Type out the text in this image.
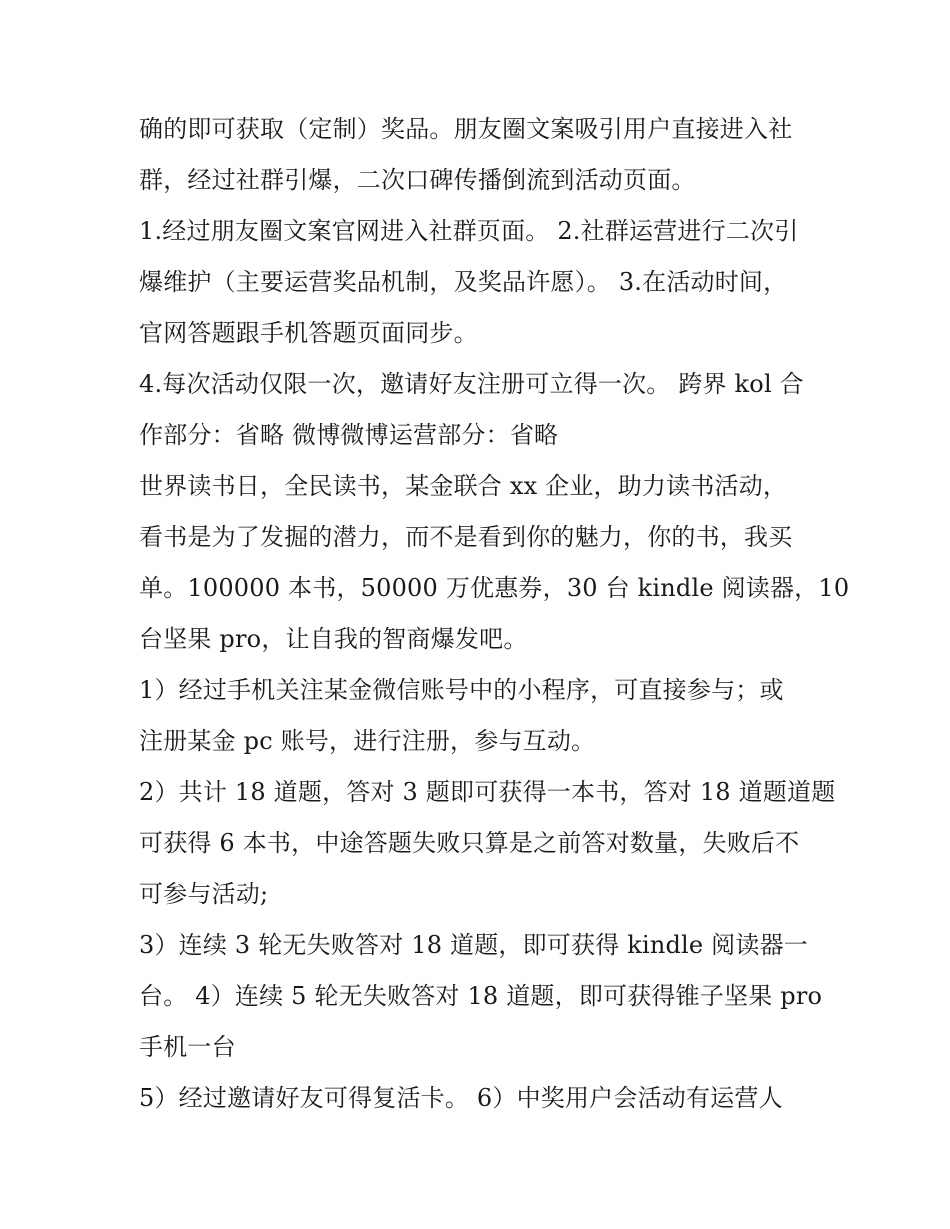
确的即可获取（定制）奖品。朋友圈文案吸引用户直接进入社
群，经过社群引爆，二次口碑传播倒流到活动页面。
1.经过朋友圈文案官网进入社群页面。 2.社群运营进行二次引
爆维护（主要运营奖品机制，及奖品许愿）。 3.在活动时间，
官网答题跟手机答题页面同步。
4.每次活动仅限一次，邀请好友注册可立得一次。 跨界 kol 合
作部分：省略 微博微博运营部分：省略
世界读书日，全民读书，某金联合 xx 企业，助力读书活动，
看书是为了发掘的潜力，而不是看到你的魅力，你的书，我买
单。100000 本书，50000 万优惠券，30 台 kindle 阅读器，10
台坚果 pro，让自我的智商爆发吧。
1）经过手机关注某金微信账号中的小程序，可直接参与；或
注册某金 pc 账号，进行注册，参与互动。
2）共计 18 道题，答对 3 题即可获得一本书，答对 18 道题道题
可获得 6 本书，中途答题失败只算是之前答对数量，失败后不
可参与活动;
3）连续 3 轮无失败答对 18 道题，即可获得 kindle 阅读器一
台。 4）连续 5 轮无失败答对 18 道题，即可获得锥子坚果 pro
手机一台
5）经过邀请好友可得复活卡。 6）中奖用户会活动有运营人
